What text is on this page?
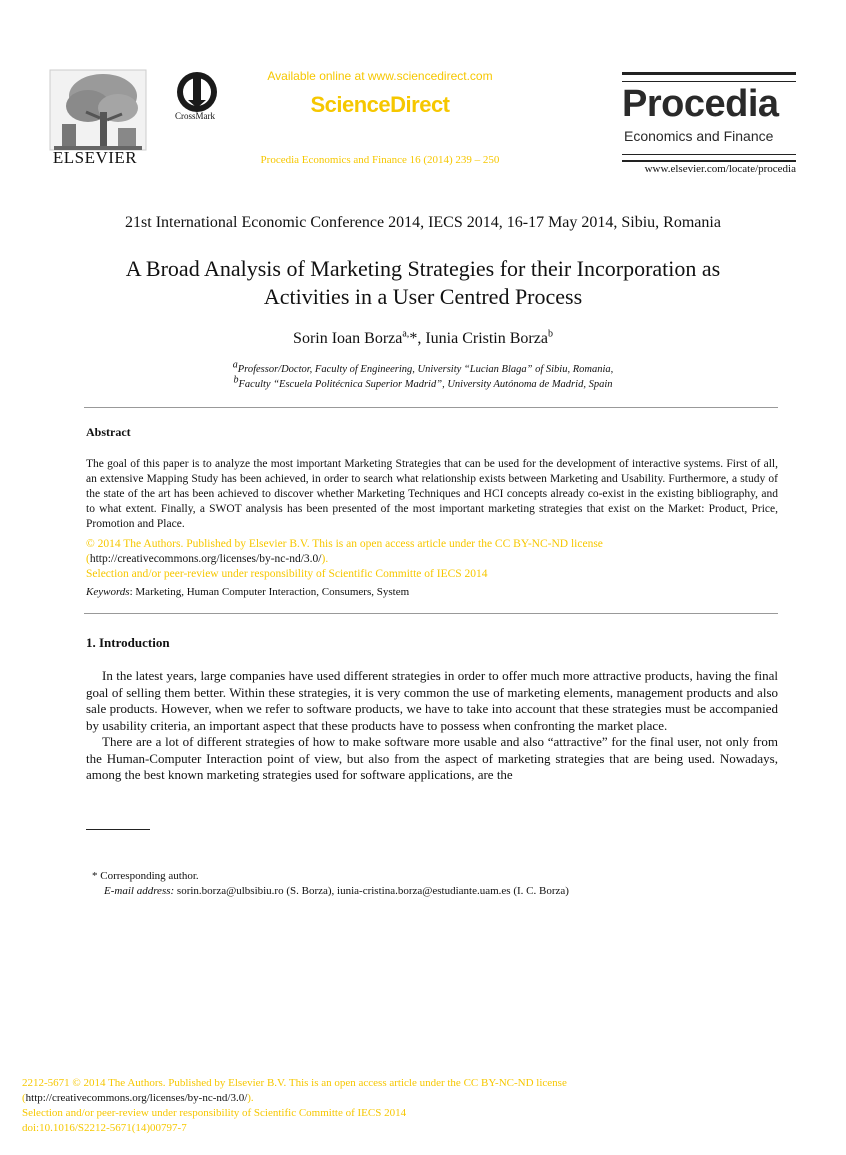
ELSEVIER
CrossMark
Available online at www.sciencedirect.com
ScienceDirect
Procedia Economics and Finance 16 (2014) 239 – 250
Procedia
Economics and Finance
www.elsevier.com/locate/procedia
21st International Economic Conference 2014, IECS 2014, 16-17 May 2014, Sibiu, Romania
A Broad Analysis of Marketing Strategies for their Incorporation as
Activities in a User Centred Process
Sorin Ioan Borza$^{a,}$*, Iunia Cristin Borza$^b$
$^a$Professor/Doctor, Faculty of Engineering, University “Lucian Blaga” of Sibiu, Romania,
$^b$Faculty “Escuela Politécnica Superior Madrid”, University Autónoma de Madrid, Spain
Abstract
The goal of this paper is to analyze the most important Marketing Strategies that can be used for the development of interactive systems. First of all, an extensive Mapping Study has been achieved, in order to search what relationship exists between Marketing and Usability. Furthermore, a study of the state of the art has been achieved to discover whether Marketing Techniques and HCI concepts already co-exist in the existing bibliography, and to what extent. Finally, a SWOT analysis has been presented of the most important marketing strategies that exist on the Market: Product, Price, Promotion and Place.
© 2014 The Authors. Published by Elsevier B.V. This is an open access article under the CC BY-NC-ND license
(http://creativecommons.org/licenses/by-nc-nd/3.0/).
Selection and/or peer-review under responsibility of Scientific Committe of IECS 2014
Keywords: Marketing, Human Computer Interaction, Consumers, System
1. Introduction

In the latest years, large companies have used different strategies in order to offer much more attractive products, having the final goal of selling them better. Within these strategies, it is very common the use of marketing elements, management products and also sale products. However, when we refer to software products, we have to take into account that these strategies must be accompanied by usability criteria, an important aspect that these products have to possess when confronting the market place.

There are a lot of different strategies of how to make software more usable and also “attractive” for the final user, not only from the Human-Computer Interaction point of view, but also from the aspect of marketing strategies that are being used. Nowadays, among the best known marketing strategies used for software applications, are the

* Corresponding author.
E-mail address: sorin.borza@ulbsibiu.ro (S. Borza), iunia-cristina.borza@estudiante.uam.es (I. C. Borza)
2212-5671 © 2014 The Authors. Published by Elsevier B.V. This is an open access article under the CC BY-NC-ND license
(http://creativecommons.org/licenses/by-nc-nd/3.0/).
Selection and/or peer-review under responsibility of Scientific Committe of IECS 2014
doi:10.1016/S2212-5671(14)00797-7
